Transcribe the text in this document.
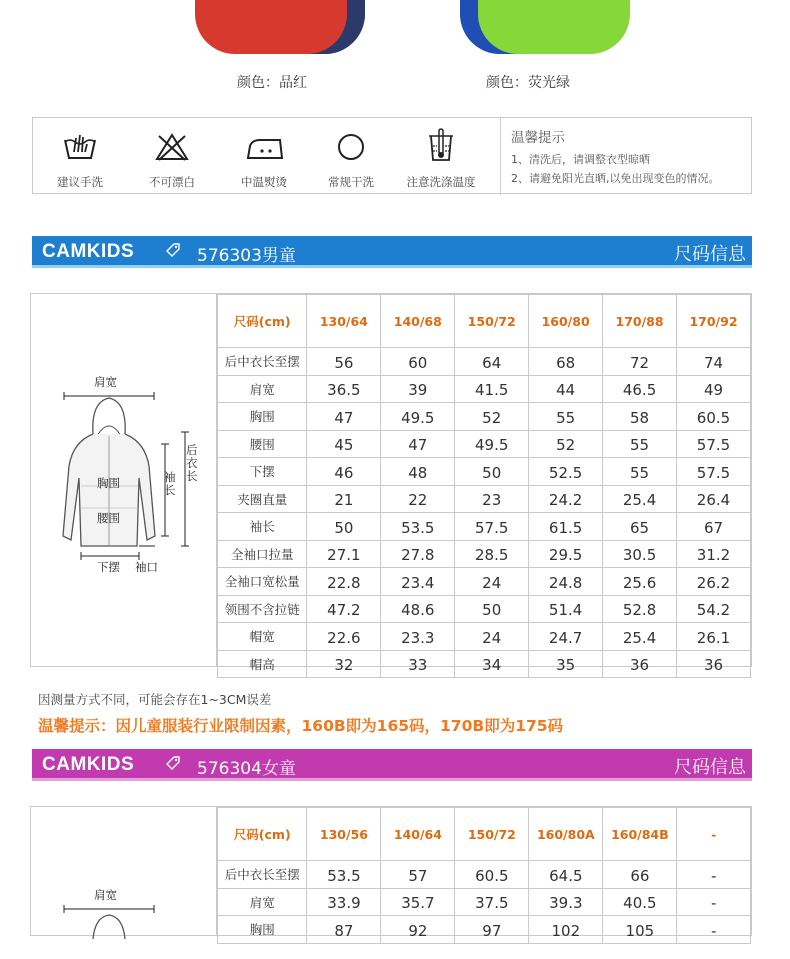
颜色：品红	颜色：荧光绿
建议手洗	不可漂白	中温熨烫	常规干洗	注意洗涤温度
温馨提示
1、清洗后，请调整衣型晾晒
2、请避免阳光直晒,以免出现变色的情况。
CAMKIDS	576303男童	尺码信息
肩宽
胸围
腰围
下摆 袖口
袖长
后衣长
尺码(cm)	130/64	140/68	150/72	160/80	170/88	170/92
后中衣长至摆	56	60	64	68	72	74
肩宽	36.5	39	41.5	44	46.5	49
胸围	47	49.5	52	55	58	60.5
腰围	45	47	49.5	52	55	57.5
下摆	46	48	50	52.5	55	57.5
夹圈直量	21	22	23	24.2	25.4	26.4
袖长	50	53.5	57.5	61.5	65	67
全袖口拉量	27.1	27.8	28.5	29.5	30.5	31.2
全袖口宽松量	22.8	23.4	24	24.8	25.6	26.2
领围不含拉链	47.2	48.6	50	51.4	52.8	54.2
帽宽	22.6	23.3	24	24.7	25.4	26.1
帽高	32	33	34	35	36	36
因测量方式不同，可能会存在1~3CM误差
温馨提示：因儿童服装行业限制因素，160B即为165码，170B即为175码
CAMKIDS	576304女童	尺码信息
肩宽
尺码(cm)	130/56	140/64	150/72	160/80A	160/84B	-
后中衣长至摆	53.5	57	60.5	64.5	66	-
肩宽	33.9	35.7	37.5	39.3	40.5	-
胸围	87	92	97	102	105	-
